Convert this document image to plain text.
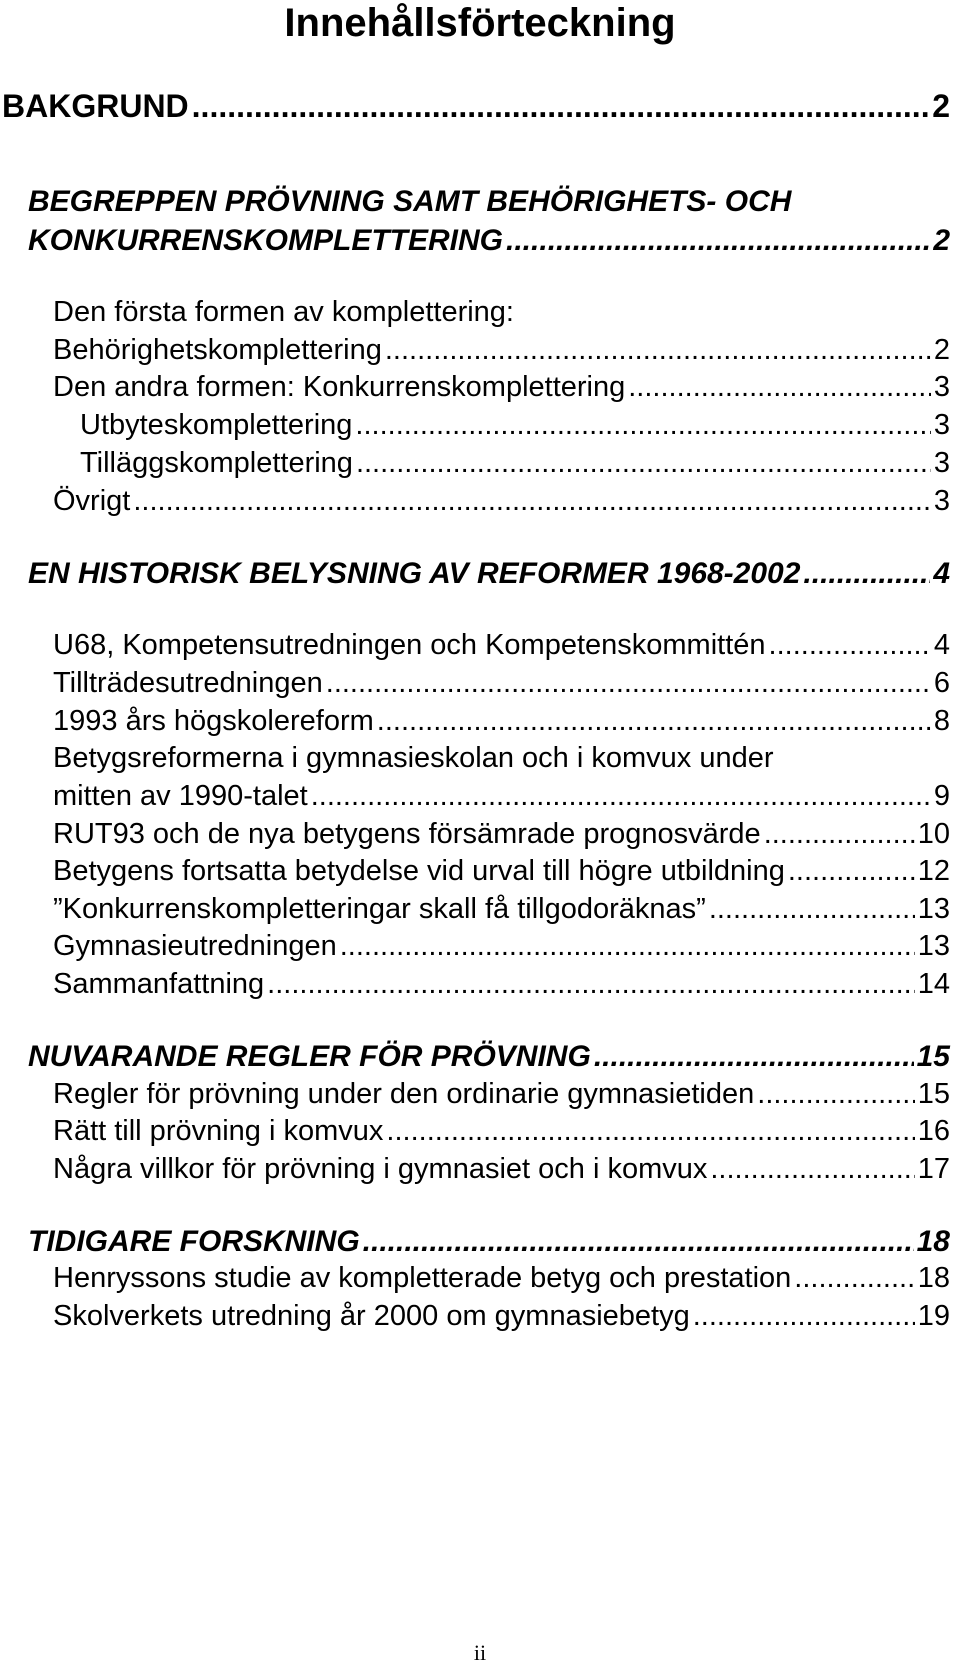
Innehållsförteckning
BAKGRUND .....	2
BEGREPPEN PRÖVNING SAMT BEHÖRIGHETS- OCH
KONKURRENSKOMPLETTERING .....	2
Den första formen av komplettering:
Behörighetskomplettering .....	2
Den andra formen: Konkurrenskomplettering .....	3
Utbyteskomplettering .....	3
Tilläggskomplettering .....	3
Övrigt .....	3
EN HISTORISK BELYSNING AV REFORMER 1968-2002 .....	4
U68, Kompetensutredningen och Kompetenskommittén .....	4
Tillträdesutredningen .....	6
1993 års högskolereform .....	8
Betygsreformerna i gymnasieskolan och i komvux under
mitten av 1990-talet .....	9
RUT93 och de nya betygens försämrade prognosvärde .....	10
Betygens fortsatta betydelse vid urval till högre utbildning .....	12
”Konkurrenskompletteringar skall få tillgodoräknas” .....	13
Gymnasieutredningen .....	13
Sammanfattning .....	14
NUVARANDE REGLER FÖR PRÖVNING .....	15
Regler för prövning under den ordinarie gymnasietiden .....	15
Rätt till prövning i komvux .....	16
Några villkor för prövning i gymnasiet och i komvux .....	17
TIDIGARE FORSKNING .....	18
Henryssons studie av kompletterade betyg och prestation .....	18
Skolverkets utredning år 2000 om gymnasiebetyg .....	19
ii
